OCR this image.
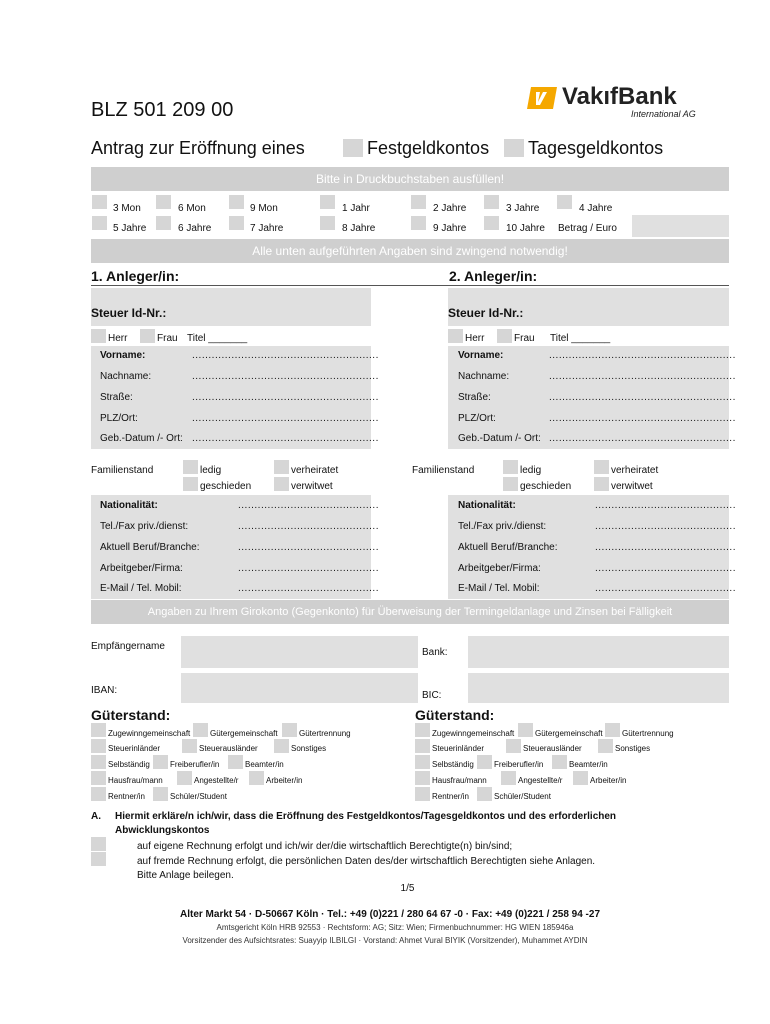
BLZ 501 209 00	VakıfBank
International AG
Antrag zur Eröffnung eines	Festgeldkontos Tagesgeldkontos
Bitte in Druckbuchstaben ausfüllen!
3 Mon	6 Mon	9 Mon	1 Jahr	2 Jahre	3 Jahre	4 Jahre
5 Jahre	6 Jahre	7 Jahre	8 Jahre	9 Jahre	10 Jahre Betrag / Euro
Alle unten aufgeführten Angaben sind zwingend notwendig!
1. Anleger/in:	2. Anleger/in:
Steuer Id-Nr.:
Herr	Frau Titel _______
Vorname:	.........................................................
Nachname:	.........................................................
Straße:	.........................................................
PLZ/Ort:	.........................................................
Geb.-Datum /- Ort: .........................................................
Familienstand	ledig
geschieden
verheiratet
verwitwet
Nationalität:	...........................................
Tel./Fax priv./dienst:	...........................................
Aktuell Beruf/Branche:	...........................................
Arbeitgeber/Firma:	...........................................
E-Mail / Tel. Mobil:	...........................................
Steuer Id-Nr.:
Herr	Frau Titel _______
Vorname:	.........................................................
Nachname:	.........................................................
Straße:	.........................................................
PLZ/Ort:	.........................................................
Geb.-Datum /- Ort: .........................................................
Familienstand	ledig
geschieden
verheiratet
verwitwet
Nationalität:	...........................................
Tel./Fax priv./dienst:	...........................................
Aktuell Beruf/Branche:	...........................................
Arbeitgeber/Firma:	...........................................
E-Mail / Tel. Mobil:	...........................................
Angaben zu Ihrem Girokonto (Gegenkonto) für Überweisung der Termingeldanlage und Zinsen bei Fälligkeit
Empfängername
Bank:
IBAN:	BIC:
Güterstand:
Zugewinngemeinschaft Gütergemeinschaft	Gütertrennung
Steuerinländer	Steuerausländer	Sonstiges
Selbständig	Freiberufler/in	Beamter/in
Hausfrau/mann	Angestellte/r	Arbeiter/in
Rentner/in	Schüler/Student
Güterstand:
Zugewinngemeinschaft	Gütergemeinschaft Gütertrennung
Steuerinländer	Steuerausländer	Sonstiges
Selbständig	Freiberufler/in	Beamter/in
Hausfrau/mann	Angestellte/r	Arbeiter/in
Rentner/in	Schüler/Student
A. Hiermit erkläre/n ich/wir, dass die Eröffnung des Festgeldkontos/Tagesgeldkontos und des erforderlichen
Abwicklungskontos
auf eigene Rechnung erfolgt und ich/wir der/die wirtschaftlich Berechtigte(n) bin/sind;
auf fremde Rechnung erfolgt, die persönlichen Daten des/der wirtschaftlich Berechtigten siehe Anlagen.
Bitte Anlage beilegen.
1/5
Alter Markt 54 · D-50667 Köln · Tel.: +49 (0)221 / 280 64 67 -0 · Fax: +49 (0)221 / 258 94 -27
Amtsgericht Köln HRB 92553 · Rechtsform: AG; Sitz: Wien; Firmenbuchnummer: HG WIEN 185946a
Vorsitzender des Aufsichtsrates: Suayyip ILBILGI · Vorstand: Ahmet Vural BIYIK (Vorsitzender), Muhammet AYDIN
